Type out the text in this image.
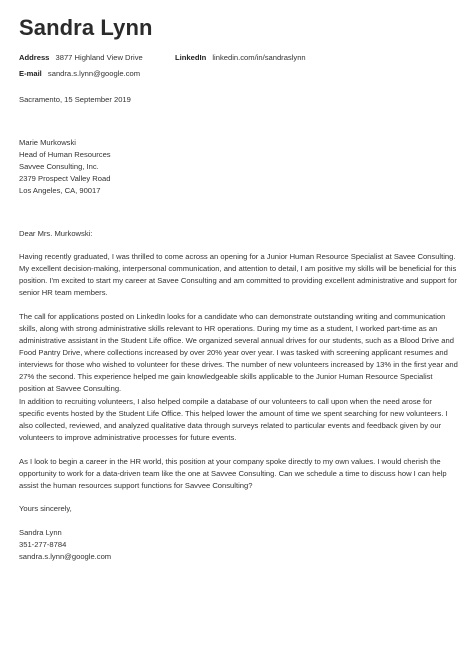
Sandra Lynn
Address 3877 Highland View Drive	LinkedIn linkedin.com/in/sandraslynn
E-mail sandra.s.lynn@google.com
Sacramento, 15 September 2019
Marie Murkowski
Head of Human Resources
Savvee Consulting, Inc.
2379 Prospect Valley Road
Los Angeles, CA, 90017
Dear Mrs. Murkowski:

Having recently graduated, I was thrilled to come across an opening for a Junior Human Resource Specialist at Savee Consulting. My excellent decision-making, interpersonal communication, and attention to detail, I am positive my skills will be beneficial for this position. I'm excited to start my career at Savee Consulting and am committed to providing excellent administrative and support for senior HR team members.

The call for applications posted on LinkedIn looks for a candidate who can demonstrate outstanding writing and communication skills, along with strong administrative skills relevant to HR operations. During my time as a student, I worked part-time as an administrative assistant in the Student Life office. We organized several annual drives for our students, such as a Blood Drive and Food Pantry Drive, where collections increased by over 20% year over year. I was tasked with screening applicant resumes and interviews for those who wished to volunteer for these drives. The number of new volunteers increased by 13% in the first year and 27% the second. This experience helped me gain knowledgeable skills applicable to the Junior Human Resource Specialist position at Savvee Consulting.

In addition to recruiting volunteers, I also helped compile a database of our volunteers to call upon when the need arose for specific events hosted by the Student Life Office. This helped lower the amount of time we spent searching for new volunteers. I also collected, reviewed, and analyzed qualitative data through surveys related to particular events and feedback given by our volunteers to improve administrative processes for future events.

As I look to begin a career in the HR world, this position at your company spoke directly to my own values. I would cherish the opportunity to work for a data-driven team like the one at Savvee Consulting. Can we schedule a time to discuss how I can help assist the human resources support functions for Savvee Consulting?

Yours sincerely,
Sandra Lynn
351-277-8784
sandra.s.lynn@google.com
